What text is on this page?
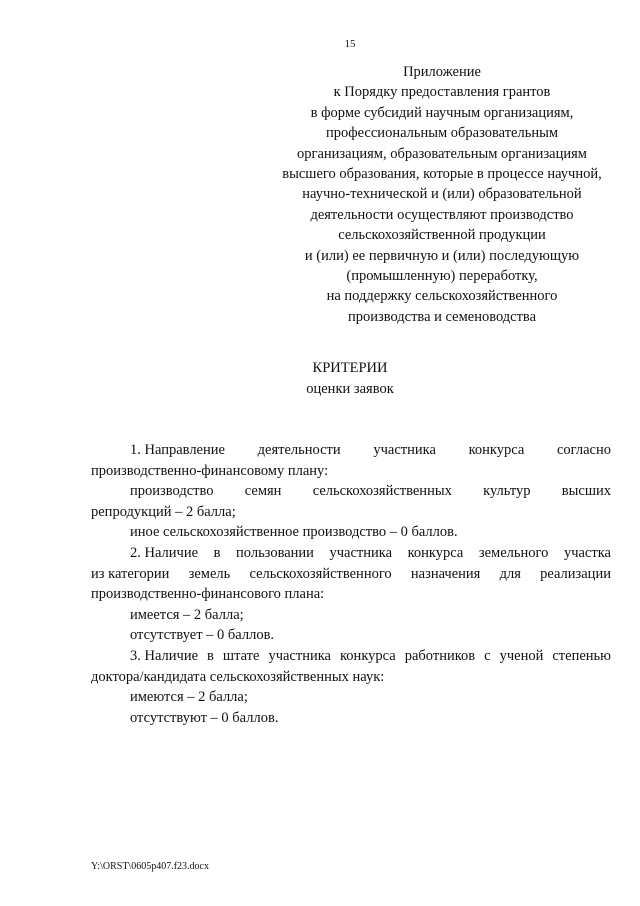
15
Приложение
к Порядку предоставления грантов
в форме субсидий научным организациям,
профессиональным образовательным
организациям, образовательным организациям
высшего образования, которые в процессе научной,
научно-технической и (или) образовательной
деятельности осуществляют производство
сельскохозяйственной продукции
и (или) ее первичную и (или) последующую
(промышленную) переработку,
на поддержку сельскохозяйственного
производства и семеноводства
КРИТЕРИИ
оценки заявок
1. Направление деятельности участника конкурса согласно
производственно-финансовому плану:
производство семян сельскохозяйственных культур высших
репродукций – 2 балла;
иное сельскохозяйственное производство – 0 баллов.
2. Наличие в пользовании участника конкурса земельного участка
из категории земель сельскохозяйственного назначения для реализации
производственно-финансового плана:
имеется – 2 балла;
отсутствует – 0 баллов.
3. Наличие в штате участника конкурса работников с ученой степенью
доктора/кандидата сельскохозяйственных наук:
имеются – 2 балла;
отсутствуют – 0 баллов.
Y:\ORST\0605p407.f23.docx
